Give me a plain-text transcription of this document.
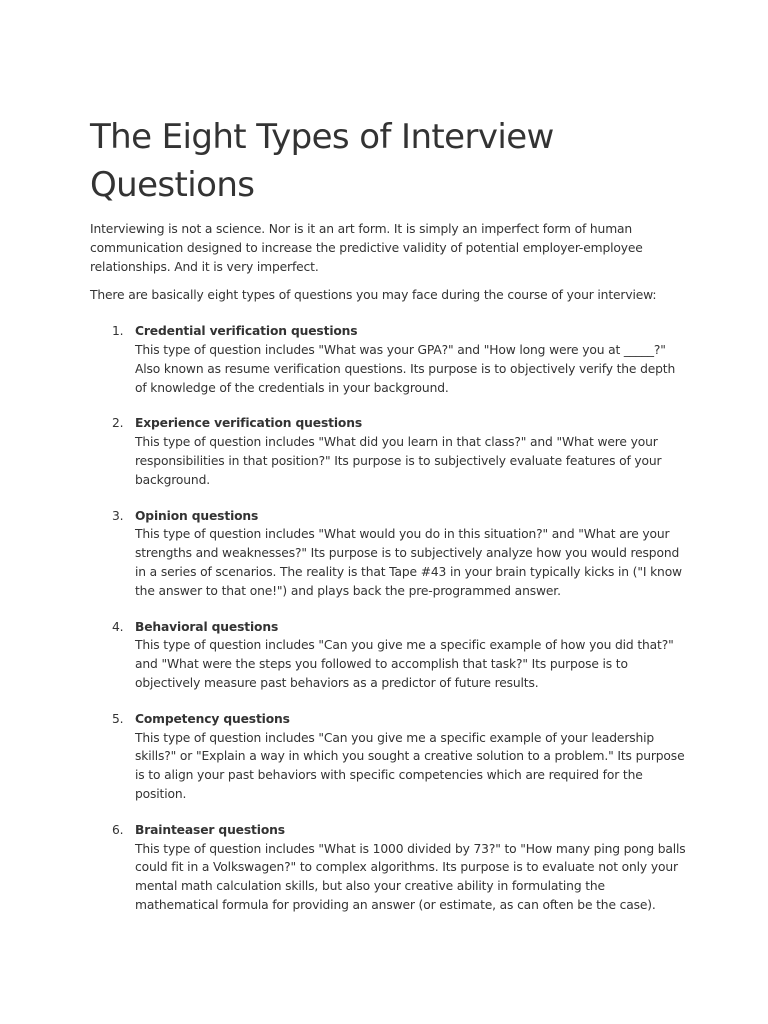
The Eight Types of Interview Questions

Interviewing is not a science. Nor is it an art form. It is simply an imperfect form of human communication designed to increase the predictive validity of potential employer-employee relationships. And it is very imperfect.

There are basically eight types of questions you may face during the course of your interview:

1. Credential verification questions
This type of question includes "What was your GPA?" and "How long were you at _____?" Also known as resume verification questions. Its purpose is to objectively verify the depth of knowledge of the credentials in your background.
2. Experience verification questions
This type of question includes "What did you learn in that class?" and "What were your responsibilities in that position?" Its purpose is to subjectively evaluate features of your background.
3. Opinion questions
This type of question includes "What would you do in this situation?" and "What are your strengths and weaknesses?" Its purpose is to subjectively analyze how you would respond in a series of scenarios. The reality is that Tape #43 in your brain typically kicks in ("I know the answer to that one!") and plays back the pre-programmed answer.
4. Behavioral questions
This type of question includes "Can you give me a specific example of how you did that?" and "What were the steps you followed to accomplish that task?" Its purpose is to objectively measure past behaviors as a predictor of future results.
5. Competency questions
This type of question includes "Can you give me a specific example of your leadership skills?" or "Explain a way in which you sought a creative solution to a problem." Its purpose is to align your past behaviors with specific competencies which are required for the position.
6. Brainteaser questions
This type of question includes "What is 1000 divided by 73?" to "How many ping pong balls could fit in a Volkswagen?" to complex algorithms. Its purpose is to evaluate not only your mental math calculation skills, but also your creative ability in formulating the mathematical formula for providing an answer (or estimate, as can often be the case).
